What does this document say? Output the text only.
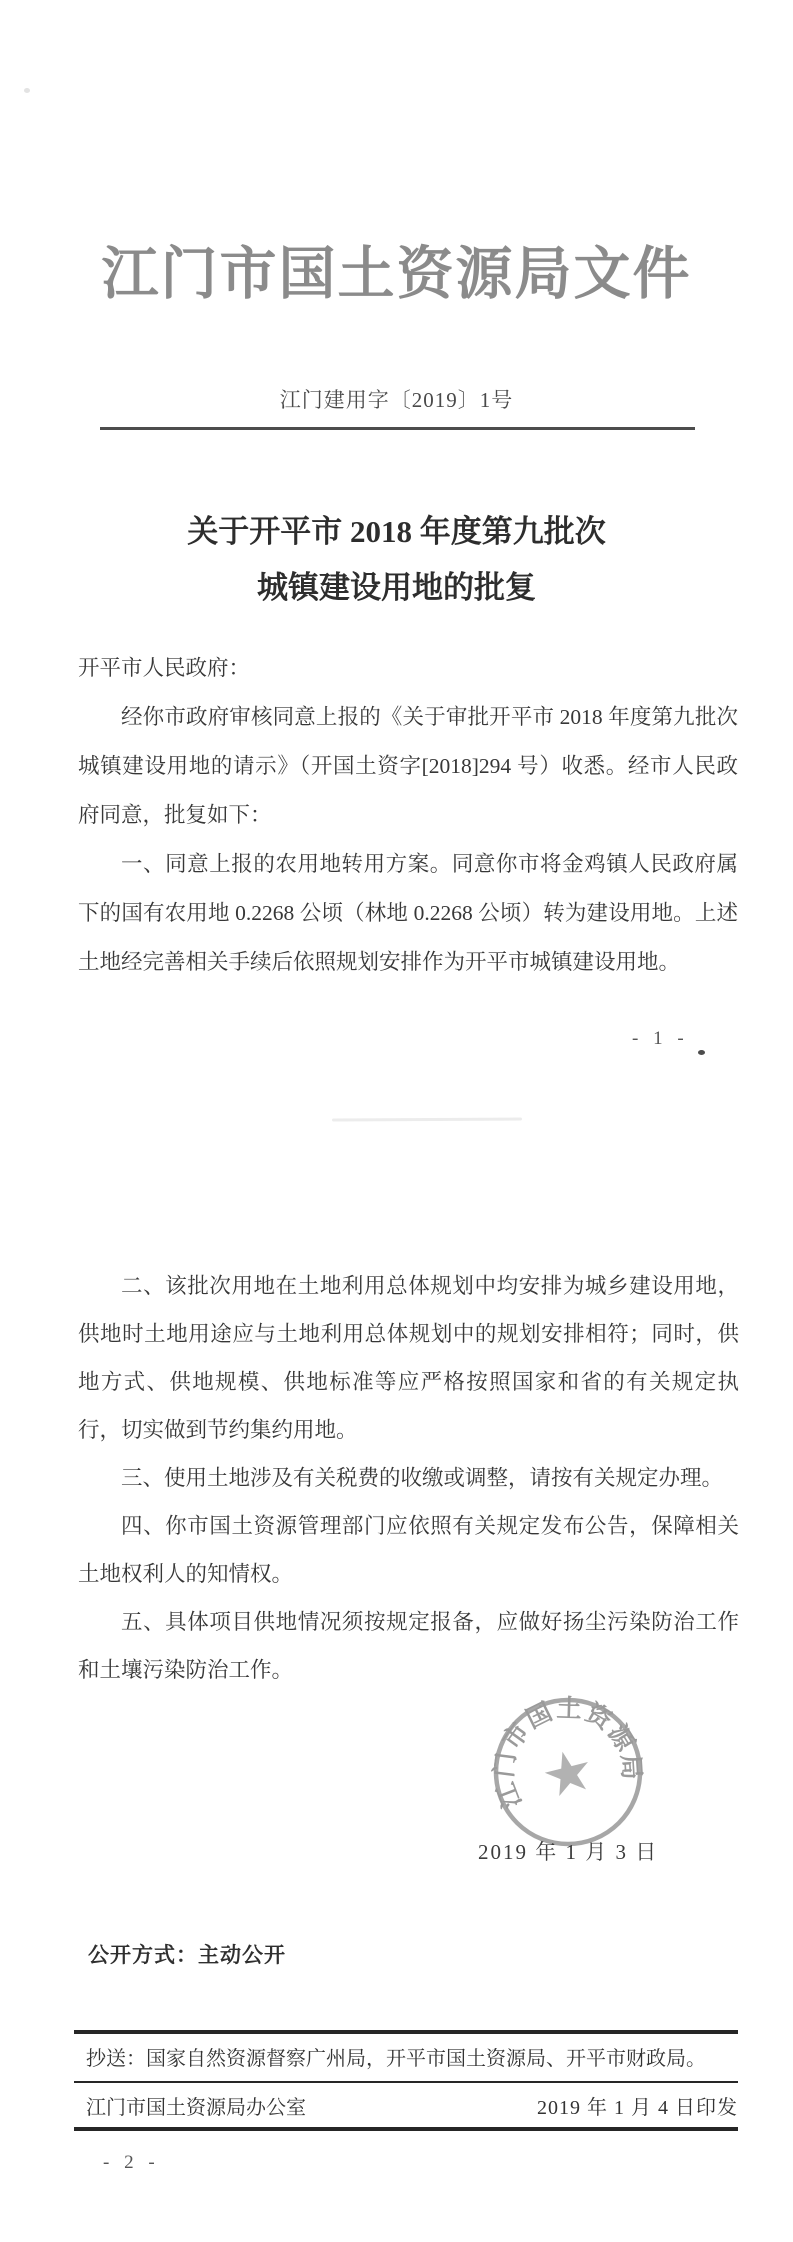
江门市国土资源局文件
江门建用字〔2019〕1号
关于开平市 2018 年度第九批次
城镇建设用地的批复

开平市人民政府：

经你市政府审核同意上报的《关于审批开平市 2018 年度第九批次城镇建设用地的请示》（开国土资字[2018]294 号）收悉。经市人民政府同意，批复如下：

一、同意上报的农用地转用方案。同意你市将金鸡镇人民政府属下的国有农用地 0.2268 公顷（林地 0.2268 公顷）转为建设用地。上述土地经完善相关手续后依照规划安排作为开平市城镇建设用地。

- 1 -

二、该批次用地在土地利用总体规划中均安排为城乡建设用地，供地时土地用途应与土地利用总体规划中的规划安排相符；同时，供地方式、供地规模、供地标准等应严格按照国家和省的有关规定执行，切实做到节约集约用地。

三、使用土地涉及有关税费的收缴或调整，请按有关规定办理。

四、你市国土资源管理部门应依照有关规定发布公告，保障相关土地权利人的知情权。

五、具体项目供地情况须按规定报备，应做好扬尘污染防治工作和土壤污染防治工作。

江门市国土资源局
★
2019 年 1 月 3 日
公开方式：主动公开
抄送：国家自然资源督察广州局，开平市国土资源局、开平市财政局。
江门市国土资源局办公室	2019 年 1 月 4 日印发
- 2 -
